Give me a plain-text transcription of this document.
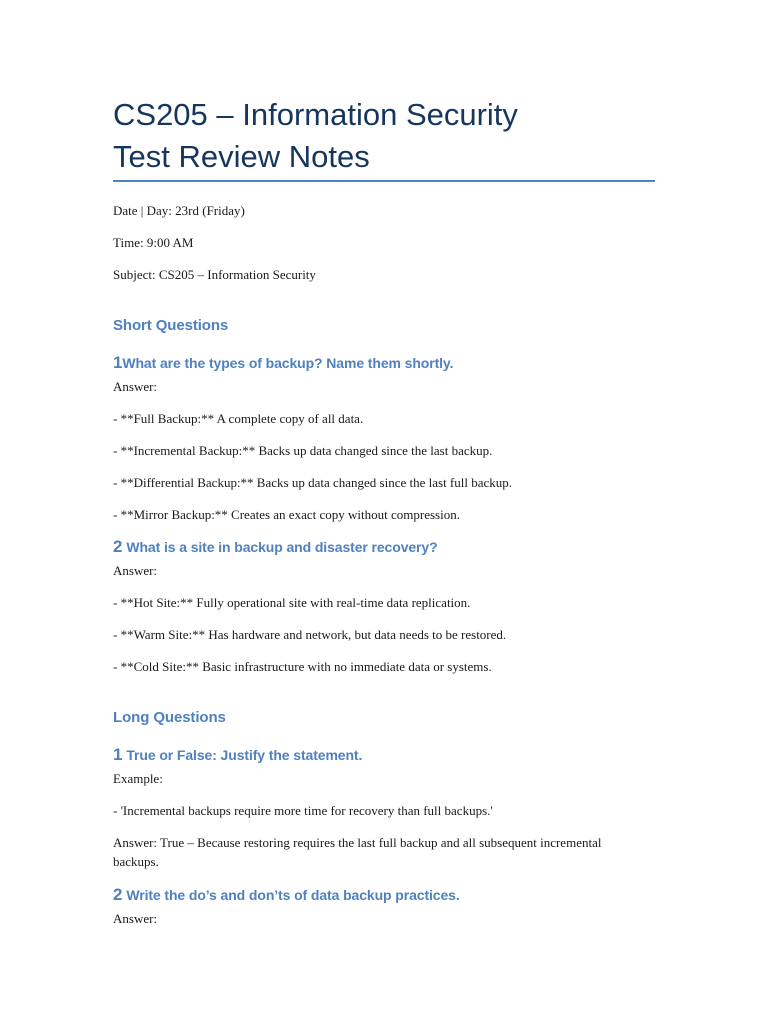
CS205 – Information Security
Test Review Notes

Date | Day: 23rd (Friday)

Time: 9:00 AM

Subject: CS205 – Information Security

Short Questions
1What are the types of backup? Name them shortly.

Answer:

- **Full Backup:** A complete copy of all data.

- **Incremental Backup:** Backs up data changed since the last backup.

- **Differential Backup:** Backs up data changed since the last full backup.

- **Mirror Backup:** Creates an exact copy without compression.

2 What is a site in backup and disaster recovery?

Answer:

- **Hot Site:** Fully operational site with real-time data replication.

- **Warm Site:** Has hardware and network, but data needs to be restored.

- **Cold Site:** Basic infrastructure with no immediate data or systems.

Long Questions
1 True or False: Justify the statement.

Example:

- 'Incremental backups require more time for recovery than full backups.'

Answer: True – Because restoring requires the last full backup and all subsequent incremental backups.

2 Write the do’s and don’ts of data backup practices.

Answer:
